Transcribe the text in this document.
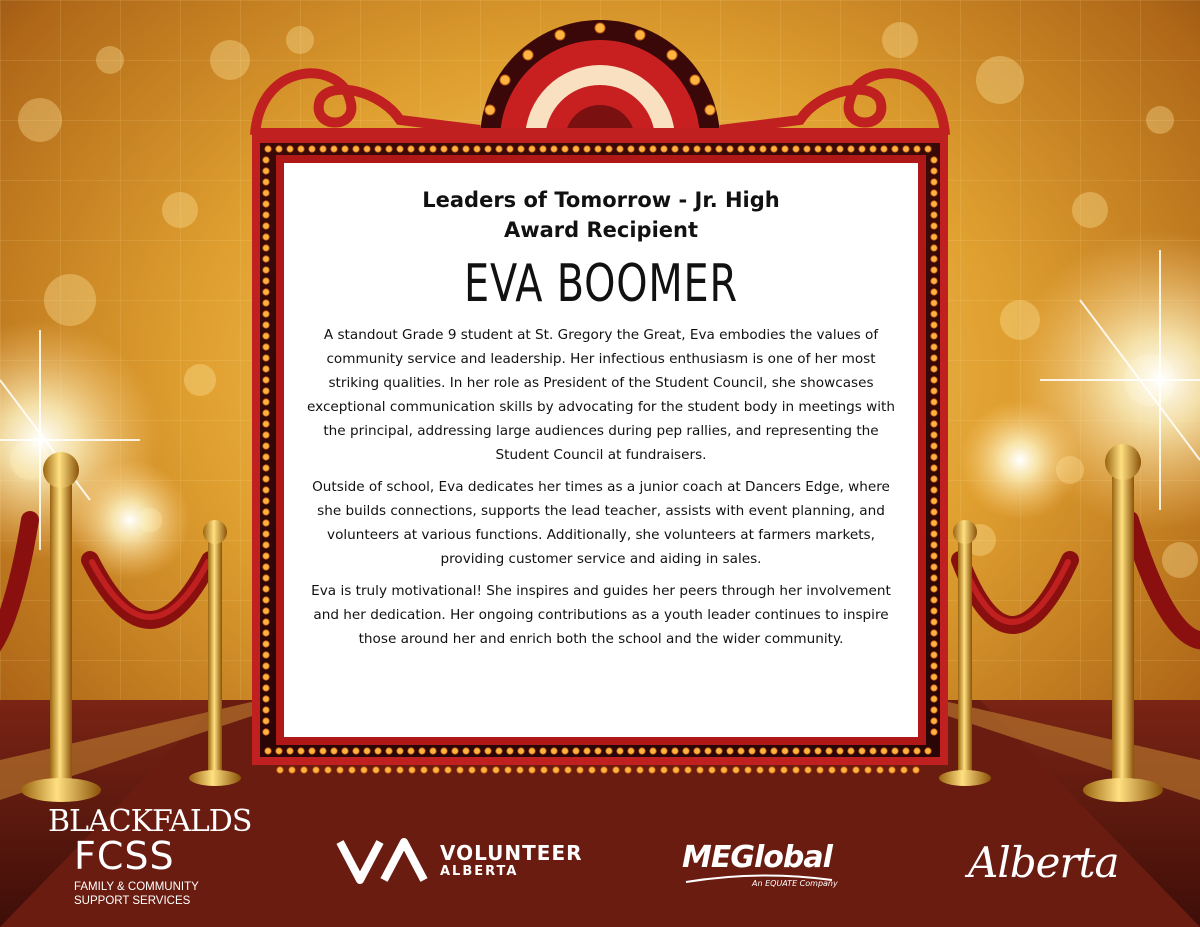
Leaders of Tomorrow - Jr. High
Award Recipient
EVA BOOMER

A standout Grade 9 student at St. Gregory the Great, Eva embodies the values of community service and leadership. Her infectious enthusiasm is one of her most striking qualities. In her role as President of the Student Council, she showcases exceptional communication skills by advocating for the student body in meetings with the principal, addressing large audiences during pep rallies, and representing the Student Council at fundraisers.

Outside of school, Eva dedicates her times as a junior coach at Dancers Edge, where she builds connections, supports the lead teacher, assists with event planning, and volunteers at various functions. Additionally, she volunteers at farmers markets, providing customer service and aiding in sales.

Eva is truly motivational! She inspires and guides her peers through her involvement and her dedication. Her ongoing contributions as a youth leader continues to inspire those around her and enrich both the school and the wider community.

BLACKFALDS
FCSS
FAMILY & COMMUNITY
SUPPORT SERVICES
VOLUNTEER
ALBERTA	MEGlobal
An EQUATE Company	Alberta
